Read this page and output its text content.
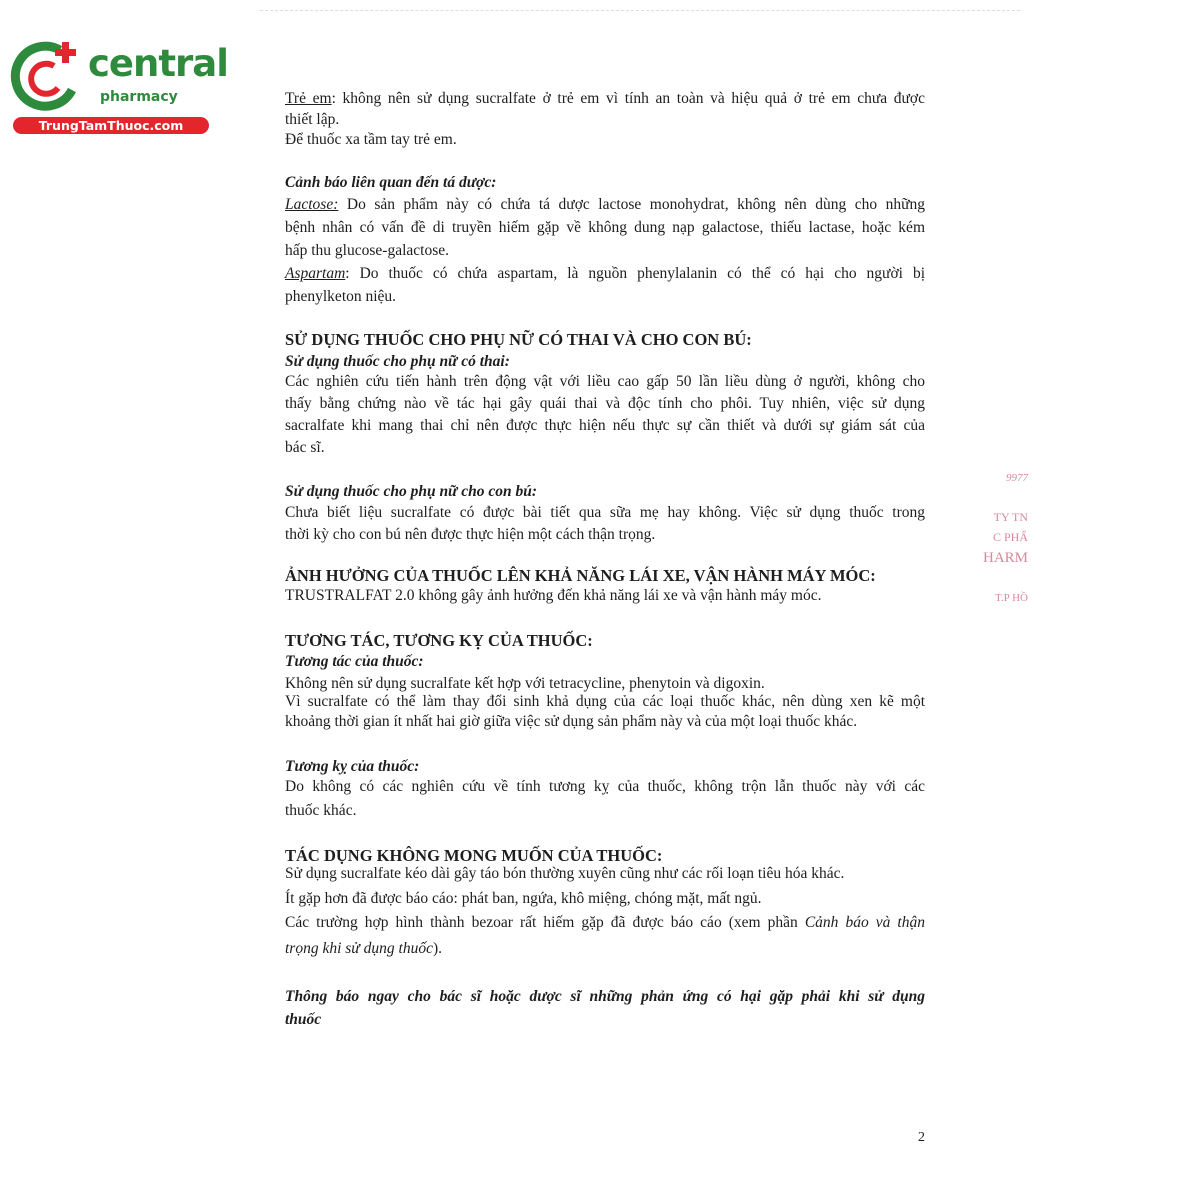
central
pharmacy
TrungTamThuoc.com
9977
TY TN
C PHẨ
HARM
T.P HỒ
Trẻ em: không nên sử dụng sucralfate ở trẻ em vì tính an toàn và hiệu quả ở trẻ em chưa được
thiết lập.
Để thuốc xa tầm tay trẻ em.
Cảnh báo liên quan đến tá dược:
Lactose: Do sản phẩm này có chứa tá dược lactose monohydrat, không nên dùng cho những
bệnh nhân có vấn đề di truyền hiếm gặp về không dung nạp galactose, thiếu lactase, hoặc kém
hấp thu glucose-galactose.
Aspartam: Do thuốc có chứa aspartam, là nguồn phenylalanin có thể có hại cho người bị
phenylketon niệu.
SỬ DỤNG THUỐC CHO PHỤ NỮ CÓ THAI VÀ CHO CON BÚ:
Sử dụng thuốc cho phụ nữ có thai:
Các nghiên cứu tiến hành trên động vật với liều cao gấp 50 lần liều dùng ở người, không cho
thấy bằng chứng nào về tác hại gây quái thai và độc tính cho phôi. Tuy nhiên, việc sử dụng
sacralfate khi mang thai chỉ nên được thực hiện nếu thực sự cần thiết và dưới sự giám sát của
bác sĩ.
Sử dụng thuốc cho phụ nữ cho con bú:
Chưa biết liệu sucralfate có được bài tiết qua sữa mẹ hay không. Việc sử dụng thuốc trong
thời kỳ cho con bú nên được thực hiện một cách thận trọng.
ẢNH HƯỞNG CỦA THUỐC LÊN KHẢ NĂNG LÁI XE, VẬN HÀNH MÁY MÓC:
TRUSTRALFAT 2.0 không gây ảnh hưởng đến khả năng lái xe và vận hành máy móc.
TƯƠNG TÁC, TƯƠNG KỴ CỦA THUỐC:
Tương tác của thuốc:
Không nên sử dụng sucralfate kết hợp với tetracycline, phenytoin và digoxin.
Vì sucralfate có thể làm thay đổi sinh khả dụng của các loại thuốc khác, nên dùng xen kẽ một
khoảng thời gian ít nhất hai giờ giữa việc sử dụng sản phẩm này và của một loại thuốc khác.
Tương kỵ của thuốc:
Do không có các nghiên cứu về tính tương kỵ của thuốc, không trộn lẫn thuốc này với các
thuốc khác.
TÁC DỤNG KHÔNG MONG MUỐN CỦA THUỐC:
Sử dụng sucralfate kéo dài gây táo bón thường xuyên cũng như các rối loạn tiêu hóa khác.
Ít gặp hơn đã được báo cáo: phát ban, ngứa, khô miệng, chóng mặt, mất ngủ.
Các trường hợp hình thành bezoar rất hiếm gặp đã được báo cáo (xem phần Cảnh báo và thận
trọng khi sử dụng thuốc).
Thông báo ngay cho bác sĩ hoặc dược sĩ những phản ứng có hại gặp phải khi sử dụng
thuốc
2
